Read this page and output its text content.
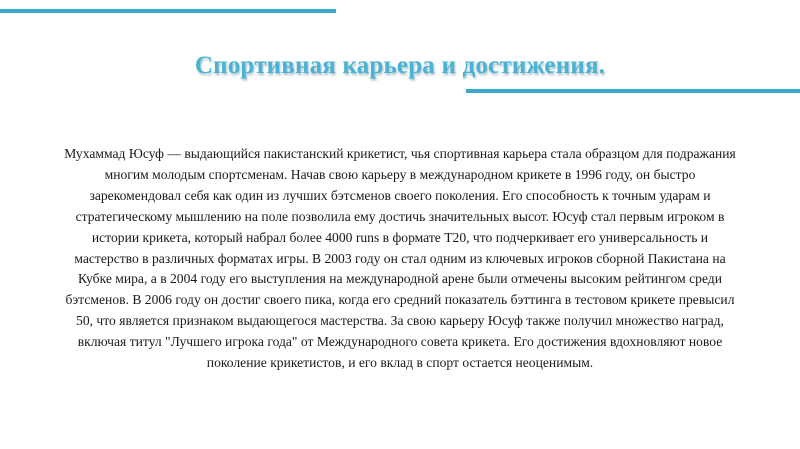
Спортивная карьера и достижения.

Мухаммад Юсуф — выдающийся пакистанский крикетист, чья спортивная карьера стала образцом для подражания многим молодым спортсменам. Начав свою карьеру в международном крикете в 1996 году, он быстро зарекомендовал себя как один из лучших бэтсменов своего поколения. Его способность к точным ударам и стратегическому мышлению на поле позволила ему достичь значительных высот. Юсуф стал первым игроком в истории крикета, который набрал более 4000 runs в формате T20, что подчеркивает его универсальность и мастерство в различных форматах игры. В 2003 году он стал одним из ключевых игроков сборной Пакистана на Кубке мира, а в 2004 году его выступления на международной арене были отмечены высоким рейтингом среди бэтсменов. В 2006 году он достиг своего пика, когда его средний показатель бэттинга в тестовом крикете превысил 50, что является признаком выдающегося мастерства. За свою карьеру Юсуф также получил множество наград, включая титул "Лучшего игрока года" от Международного совета крикета. Его достижения вдохновляют новое поколение крикетистов, и его вклад в спорт остается неоценимым.
